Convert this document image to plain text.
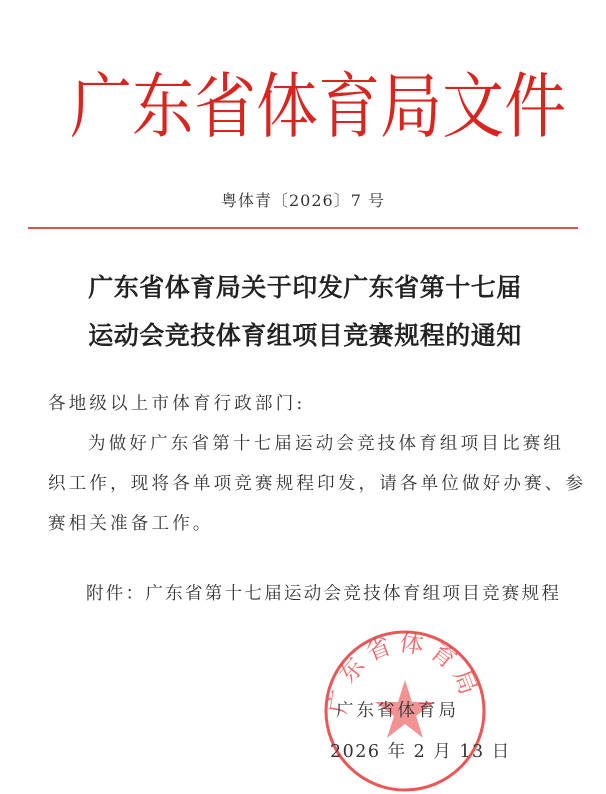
广 东 省 体 育 局 文 件
粤体青〔2026〕7 号
广东省体育局关于印发广东省第十七届
运动会竞技体育组项目竞赛规程的通知
各地级以上市体育行政部门:
为做好广东省第十七届运动会竞技体育组项目比赛组
织工作，现将各单项竞赛规程印发，请各单位做好办赛、参
赛相关准备工作。
附件：广东省第十七届运动会竞技体育组项目竞赛规程
广东省体育局
广东省体育局
2026 年 2 月 13 日
